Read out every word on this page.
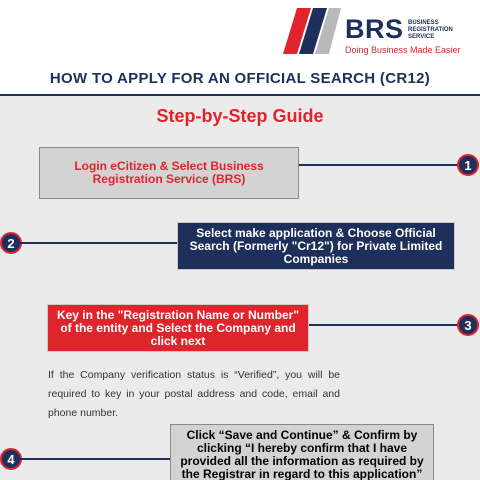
BRS BUSINESS REGISTRATION SERVICE
Doing Business Made Easier
HOW TO APPLY FOR AN OFFICIAL SEARCH (CR12)
Step-by-Step Guide
Login eCitizen & Select Business Registration Service (BRS)
1
2
Select make application & Choose Official Search (Formerly "Cr12") for Private Limited Companies
Key in the "Registration Name or Number" of the entity and Select the Company and click next
3
If the Company verification status is “Verified”, you will be required to key in your postal address and code, email and phone number.
4
Click “Save and Continue” & Confirm by clicking “I hereby confirm that I have provided all the information as required by the Registrar in regard to this application”
